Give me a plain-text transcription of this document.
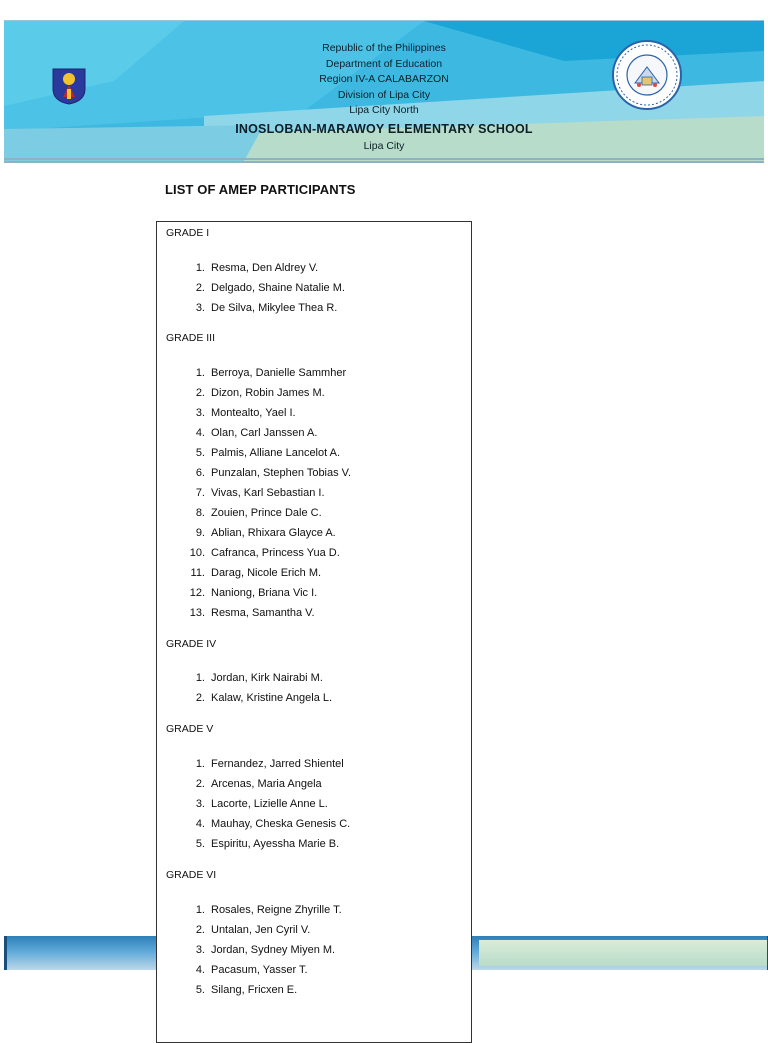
Republic of the Philippines
Department of Education
Region IV-A CALABARZON
Division of Lipa City
Lipa City North
INOSLOBAN-MARAWOY ELEMENTARY SCHOOL
Lipa City
LIST OF AMEP PARTICIPANTS
GRADE I
1. Resma, Den Aldrey V.
2. Delgado, Shaine Natalie M.
3. De Silva, Mikylee Thea R.
GRADE III
1. Berroya, Danielle Sammher
2. Dizon, Robin James M.
3. Montealto, Yael I.
4. Olan, Carl Janssen A.
5. Palmis, Alliane Lancelot A.
6. Punzalan, Stephen Tobias V.
7. Vivas, Karl Sebastian I.
8. Zouien, Prince Dale C.
9. Ablian, Rhixara Glayce A.
10. Cafranca, Princess Yua D.
11. Darag, Nicole Erich M.
12. Naniong, Briana Vic I.
13. Resma, Samantha V.
GRADE IV
1. Jordan, Kirk Nairabi M.
2. Kalaw, Kristine Angela L.
GRADE V
1. Fernandez, Jarred Shientel
2. Arcenas, Maria Angela
3. Lacorte, Lizielle Anne L.
4. Mauhay, Cheska Genesis C.
5. Espiritu, Ayessha Marie B.
GRADE VI
1. Rosales, Reigne Zhyrille T.
2. Untalan, Jen Cyril V.
3. Jordan, Sydney Miyen M.
4. Pacasum, Yasser T.
5. Silang, Fricxen E.
